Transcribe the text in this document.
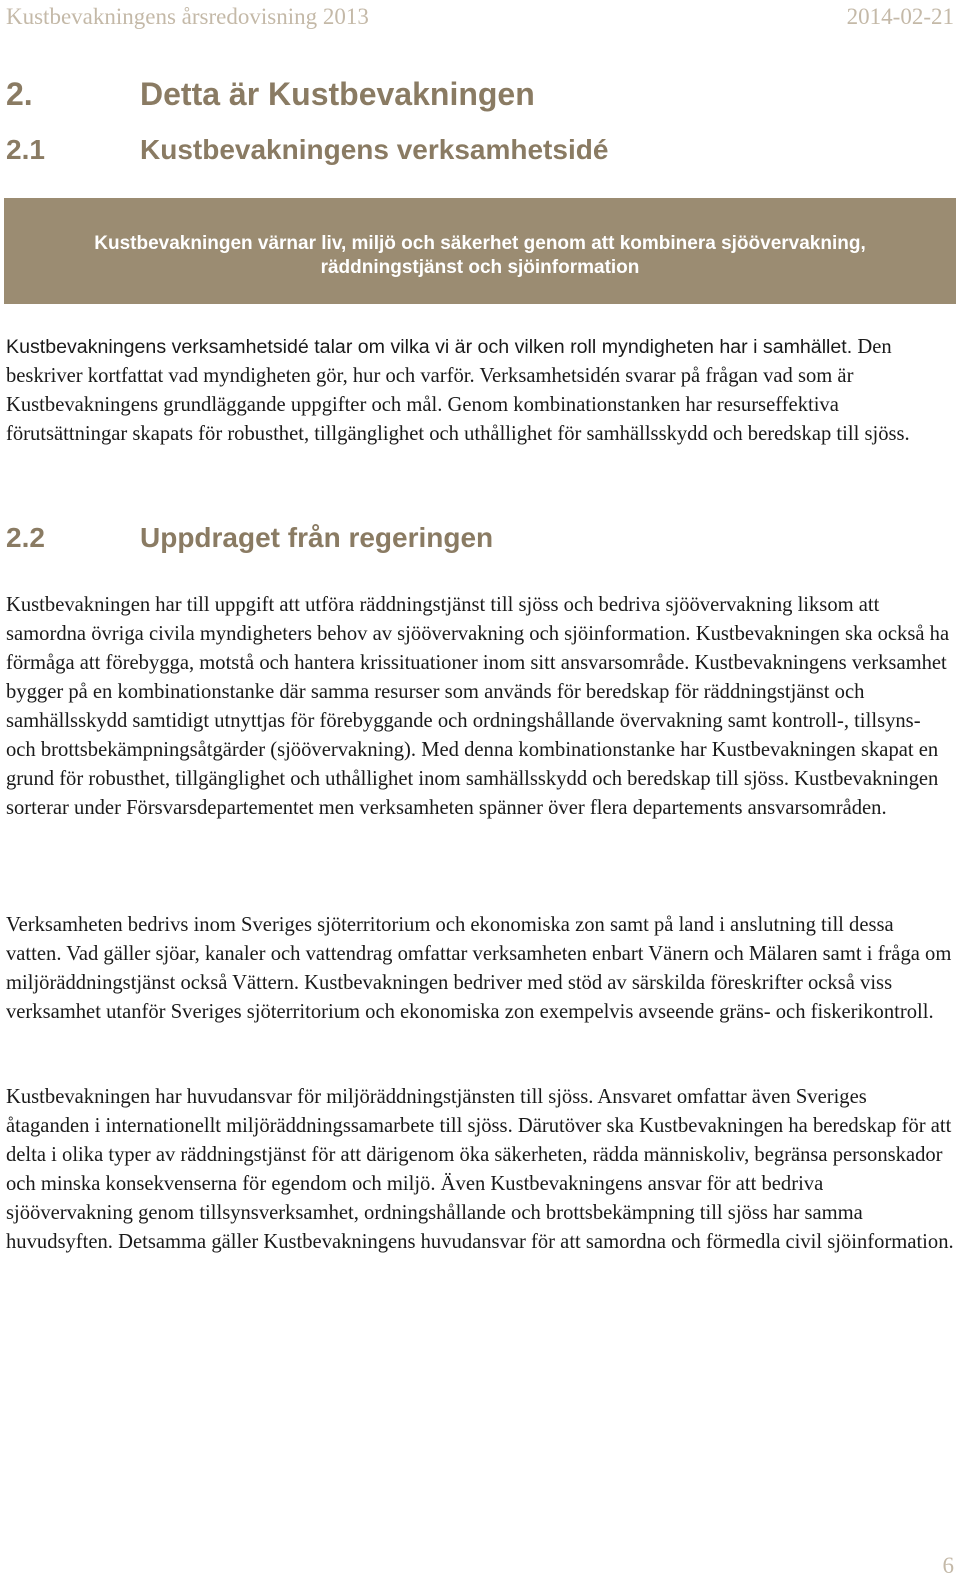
Kustbevakningens årsredovisning 2013	2014-02-21
2.	Detta är Kustbevakningen
2.1	Kustbevakningens verksamhetsidé
Kustbevakningen värnar liv, miljö och säkerhet genom att kombinera sjöövervakning, räddningstjänst och sjöinformation

Kustbevakningens verksamhetsidé talar om vilka vi är och vilken roll myndigheten har i samhället. Den beskriver kortfattat vad myndigheten gör, hur och varför. Verksamhetsidén svarar på frågan vad som är Kustbevakningens grundläggande uppgifter och mål. Genom kombinationstanken har resurseffektiva förutsättningar skapats för robusthet, tillgänglighet och uthållighet för samhällsskydd och beredskap till sjöss.

2.2	Uppdraget från regeringen

Kustbevakningen har till uppgift att utföra räddningstjänst till sjöss och bedriva sjöövervakning liksom att samordna övriga civila myndigheters behov av sjöövervakning och sjöinformation. Kustbevakningen ska också ha förmåga att förebygga, motstå och hantera krissituationer inom sitt ansvarsområde. Kustbevakningens verksamhet bygger på en kombinationstanke där samma resurser som används för beredskap för räddningstjänst och samhällsskydd samtidigt utnyttjas för förebyggande och ordningshållande övervakning samt kontroll-, tillsyns- och brottsbekämpningsåtgärder (sjöövervakning). Med denna kombinationstanke har Kustbevakningen skapat en grund för robusthet, tillgänglighet och uthållighet inom samhällsskydd och beredskap till sjöss. Kustbevakningen sorterar under Försvarsdepartementet men verksamheten spänner över flera departements ansvarsområden.

Verksamheten bedrivs inom Sveriges sjöterritorium och ekonomiska zon samt på land i anslutning till dessa vatten. Vad gäller sjöar, kanaler och vattendrag omfattar verksamheten enbart Vänern och Mälaren samt i fråga om miljöräddningstjänst också Vättern. Kustbevakningen bedriver med stöd av särskilda föreskrifter också viss verksamhet utanför Sveriges sjöterritorium och ekonomiska zon exempelvis avseende gräns- och fiskerikontroll.

Kustbevakningen har huvudansvar för miljöräddningstjänsten till sjöss. Ansvaret omfattar även Sveriges åtaganden i internationellt miljöräddningssamarbete till sjöss. Därutöver ska Kustbevakningen ha beredskap för att delta i olika typer av räddningstjänst för att därigenom öka säkerheten, rädda människoliv, begränsa personskador och minska konsekvenserna för egendom och miljö. Även Kustbevakningens ansvar för att bedriva sjöövervakning genom tillsynsverksamhet, ordningshållande och brottsbekämpning till sjöss har samma huvudsyften. Detsamma gäller Kustbevakningens huvudansvar för att samordna och förmedla civil sjöinformation.

6
